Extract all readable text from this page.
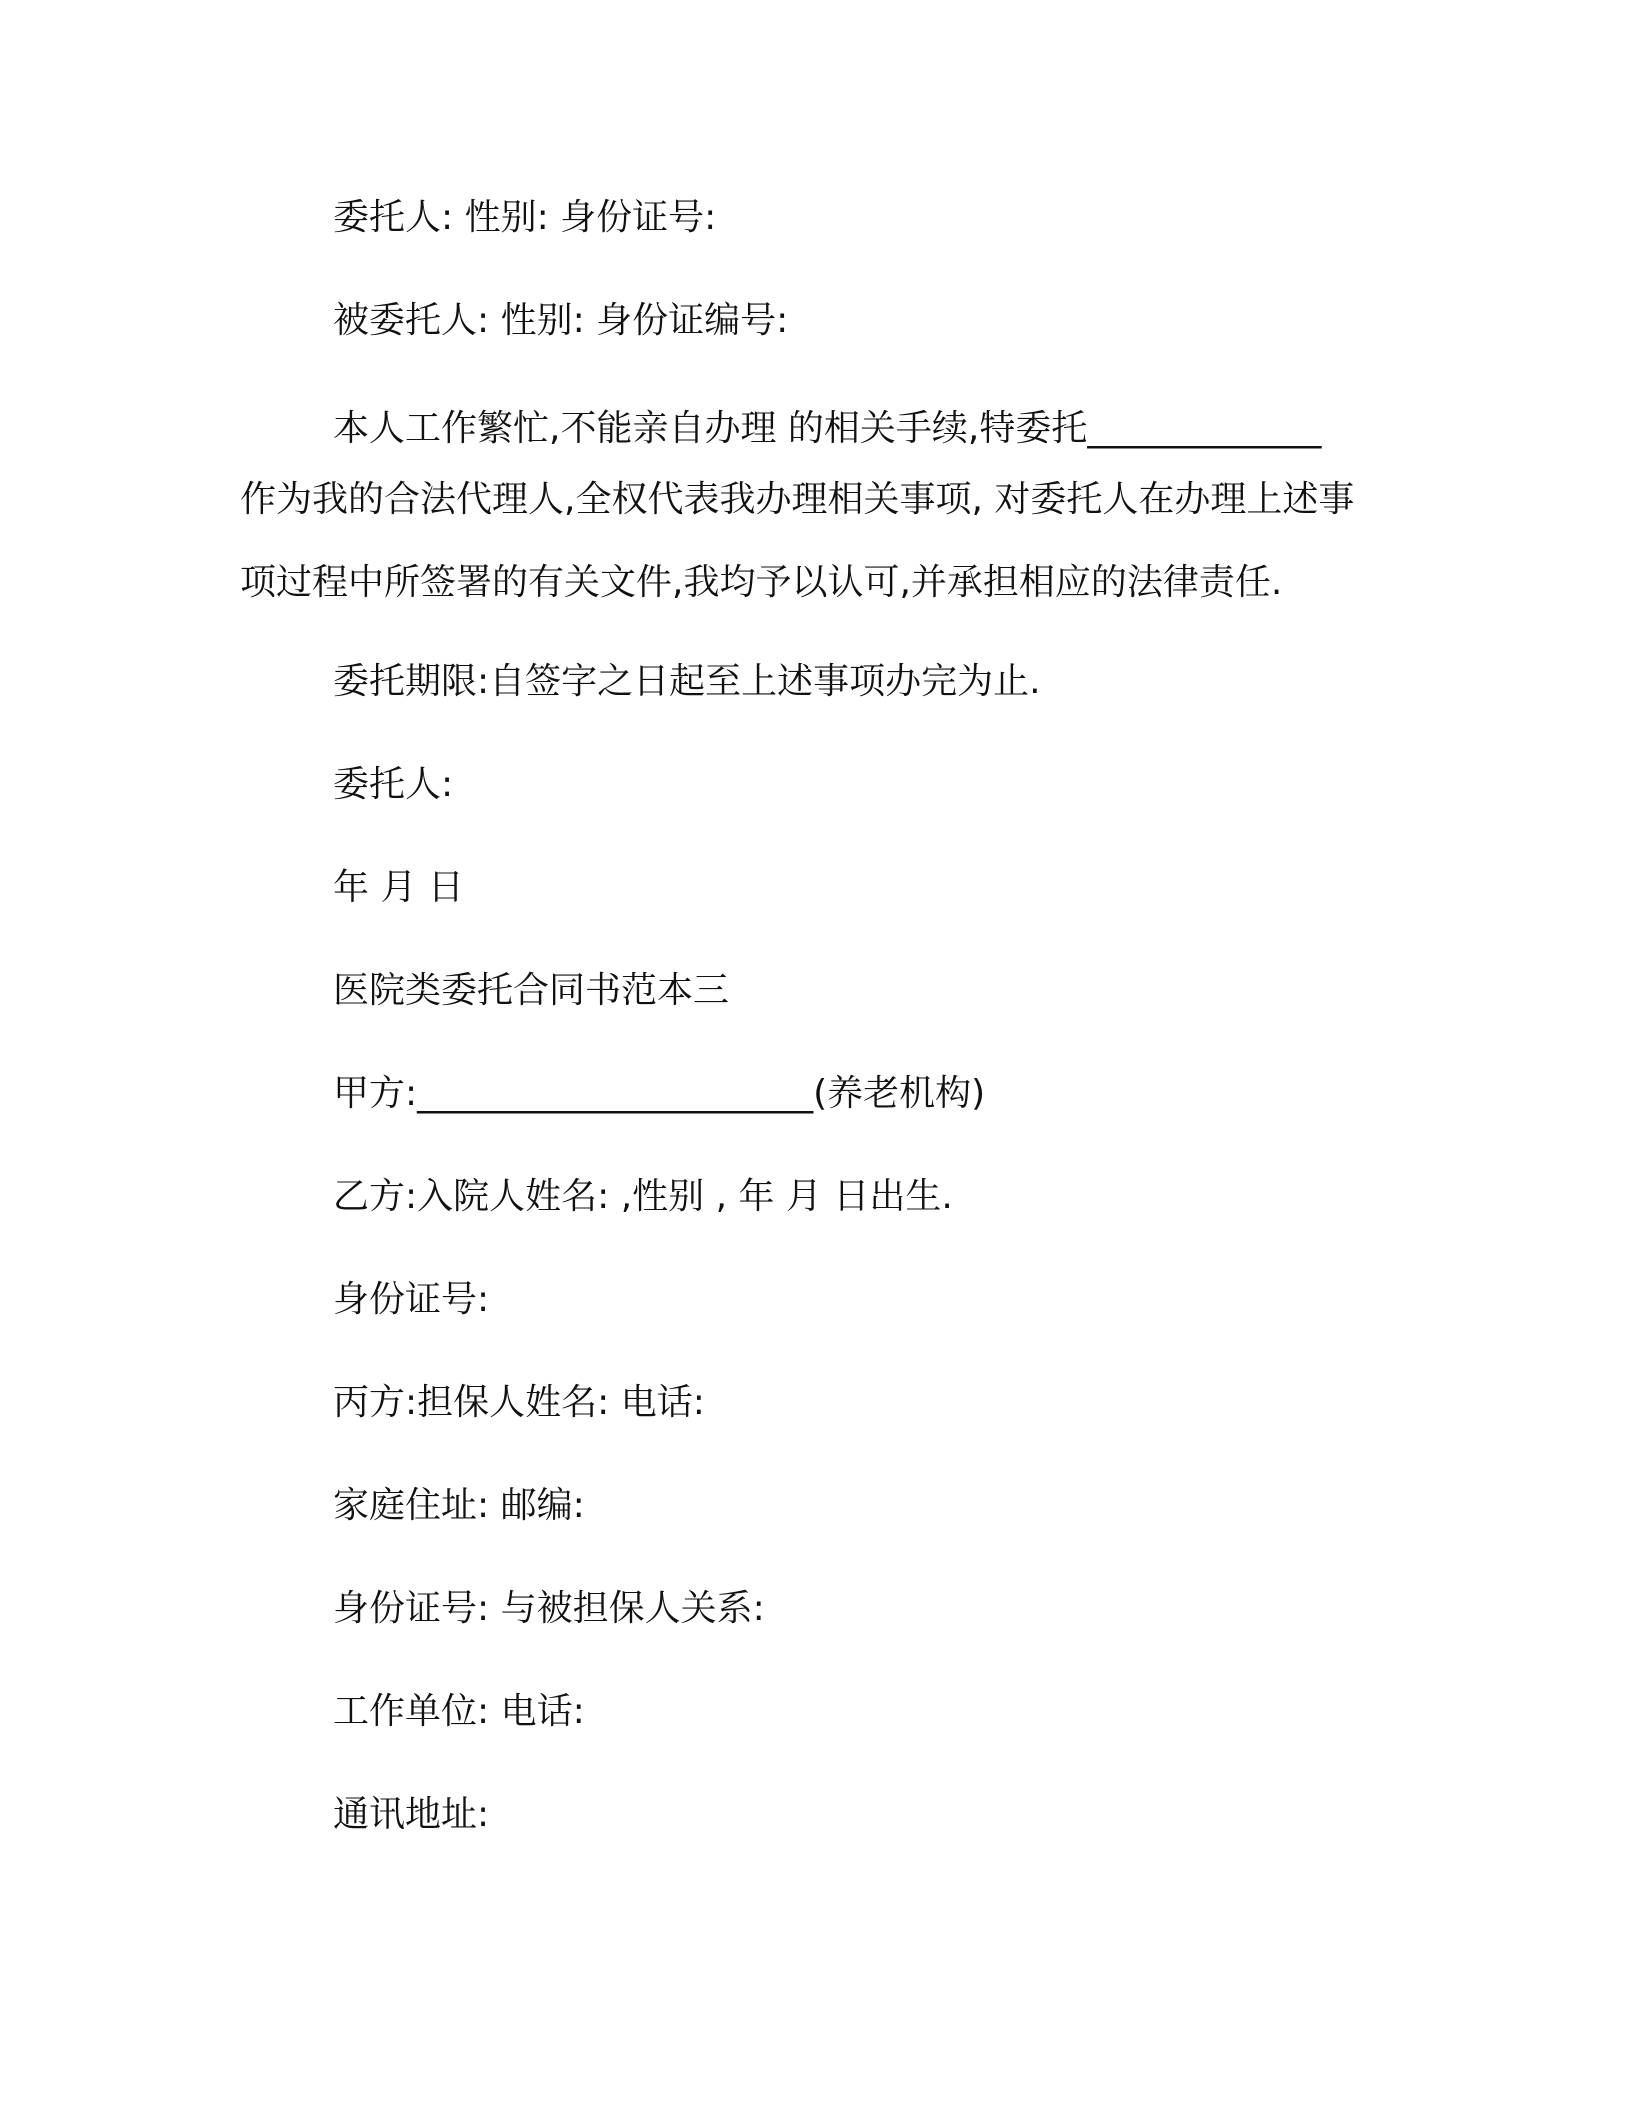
委托人: 性别: 身份证号:
被委托人: 性别: 身份证编号:
本人工作繁忙,不能亲自办理 的相关手续,特委托_____________
作为我的合法代理人,全权代表我办理相关事项, 对委托人在办理上述事
项过程中所签署的有关文件,我均予以认可,并承担相应的法律责任.
委托期限:自签字之日起至上述事项办完为止.
委托人:
年 月 日
医院类委托合同书范本三
甲方:______________________(养老机构)
乙方:入院人姓名: ,性别 , 年 月 日出生.
身份证号:
丙方:担保人姓名: 电话:
家庭住址: 邮编:
身份证号: 与被担保人关系:
工作单位: 电话:
通讯地址:
